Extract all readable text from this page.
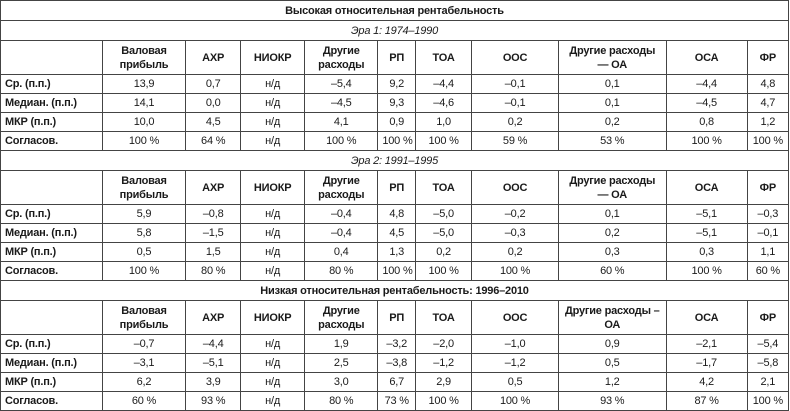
Высокая относительная рентабельность										
Эра 1: 1974–1990										
	Валовая прибыль	АХР	НИОКР	Другие расходы	РП	ТОА	ООС	Другие расходы — ОА	ОСА	ФР
Ср. (п.п.)	13,9	0,7	н/д	–5,4	9,2	–4,4	–0,1	0,1	–4,4	4,8
Медиан. (п.п.)	14,1	0,0	н/д	–4,5	9,3	–4,6	–0,1	0,1	–4,5	4,7
МКР (п.п.)	10,0	4,5	н/д	4,1	0,9	1,0	0,2	0,2	0,8	1,2
Согласов.	100 %	64 %	н/д	100 %	100 %	100 %	59 %	53 %	100 %	100 %
Эра 2: 1991–1995										
	Валовая прибыль	АХР	НИОКР	Другие расходы	РП	ТОА	ООС	Другие расходы — ОА	ОСА	ФР
Ср. (п.п.)	5,9	–0,8	н/д	–0,4	4,8	–5,0	–0,2	0,1	–5,1	–0,3
Медиан. (п.п.)	5,8	–1,5	н/д	–0,4	4,5	–5,0	–0,3	0,2	–5,1	–0,1
МКР (п.п.)	0,5	1,5	н/д	0,4	1,3	0,2	0,2	0,3	0,3	1,1
Согласов.	100 %	80 %	н/д	80 %	100 %	100 %	100 %	60 %	100 %	60 %
Низкая относительная рентабельность: 1996–2010										
	Валовая прибыль	АХР	НИОКР	Другие расходы	РП	ТОА	ООС	Другие расходы – ОА	ОСА	ФР
Ср. (п.п.)	–0,7	–4,4	н/д	1,9	–3,2	–2,0	–1,0	0,9	–2,1	–5,4
Медиан. (п.п.)	–3,1	–5,1	н/д	2,5	–3,8	–1,2	–1,2	0,5	–1,7	–5,8
МКР (п.п.)	6,2	3,9	н/д	3,0	6,7	2,9	0,5	1,2	4,2	2,1
Согласов.	60 %	93 %	н/д	80 %	73 %	100 %	100 %	93 %	87 %	100 %
